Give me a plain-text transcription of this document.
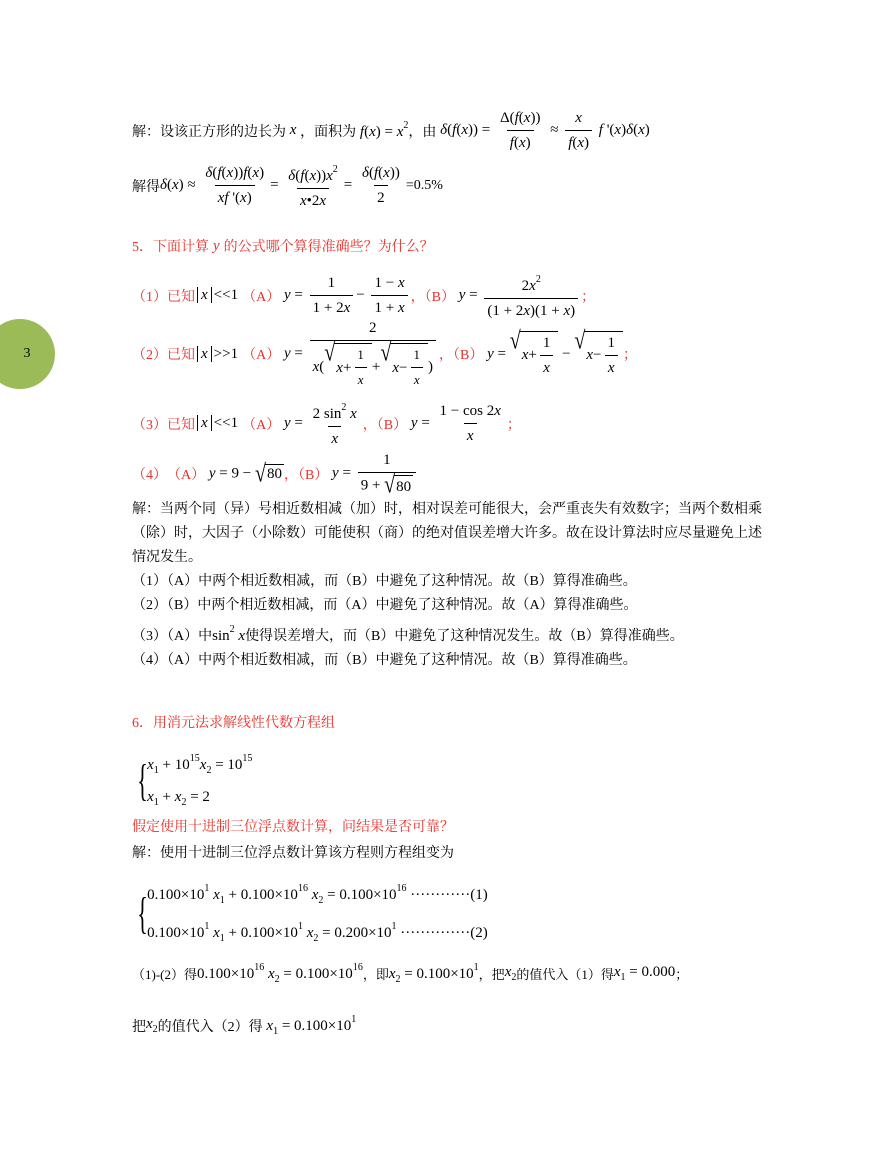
3
解：设该正方形的边长为 x ，面积为 $f(x) = x^2$ ，由 $\delta(f(x)) = \frac{\Delta(f(x))}{f(x)} \approx \frac{x}{f(x)}$ f '(x)δ(x)
解得 $\delta(x) \approx \frac{\delta(f(x))f(x)}{xf '(x)} = \frac{\delta(f(x))x^2}{x•2x} = \frac{\delta(f(x))}{2} =0.5\%$
5．下面计算 y 的公式哪个算得准确些？为什么？
（1）已知 x <<1 （A） $y = \frac{1}{1 + 2x} - \frac{1 - x}{1 + x}$ ，（B） $y = \frac{2x^2}{(1 + 2x)(1 + x)}$ ；
（2）已知 x >>1 （A） y = 2
x ( √
$x + \frac{1}{x}$ + √
$x - \frac{1}{x}$ ) ，（B） y = √
$x + \frac{1}{x}$ − √
$x - \frac{1}{x}$ ；
（3）已知 x <<1 （A） $y = \frac{2 \sin^2 x}{x}$ ，（B） $y = \frac{1 - \cos 2x}{x}$ ；
（4） （A） y = 9 − √ 80 ，（B） $y = \frac{1}{9 + √ 80}$

解：当两个同（异）号相近数相减（加）时，相对误差可能很大，会严重丧失有效数字；当两个数相乘（除）时，大因子（小除数）可能使积（商）的绝对值误差增大许多。故在设计算法时应尽量避免上述情况发生。

（1）（A）中两个相近数相减，而（B）中避免了这种情况。故（B）算得准确些。

（2）（B）中两个相近数相减，而（A）中避免了这种情况。故（A）算得准确些。

（3）（A）中$\sin^2 x$使得误差增大，而（B）中避免了这种情况发生。故（B）算得准确些。

（4）（A）中两个相近数相减，而（B）中避免了这种情况。故（B）算得准确些。

6．用消元法求解线性代数方程组
{ $x_1 + 10^{15}x_2 = 10^{15}$
$x_1 + x_2 = 2$
假定使用十进制三位浮点数计算，问结果是否可靠？
解：使用十进制三位浮点数计算该方程则方程组变为
{ $0.100\times 10^1$ $x_1 + 0.100\times 10^{16}$ $x_2 = 0.100\times 10^{16} \cdot\cdot\cdot\cdot\cdot\cdot\cdot\cdot\cdot\cdot\cdot\cdot(1)$
$0.100\times 10^1$ $x_1 + 0.100\times 10^1$ $x_2 = 0.200\times 10^1 \cdot\cdot\cdot\cdot\cdot\cdot\cdot\cdot\cdot\cdot\cdot\cdot\cdot\cdot(2)$
（1)-(2）得 $0.100\times 10^{16}$ $x_2 = 0.100\times 10^{16}$ ，即 $x_2 = 0.100\times 10^1$ ，把 $x_2$ 的值代入（1）得 $x_1 = 0.000$ ；
把 $x_2$ 的值代入（2）得 $x_1 = 0.100\times 10^1$
